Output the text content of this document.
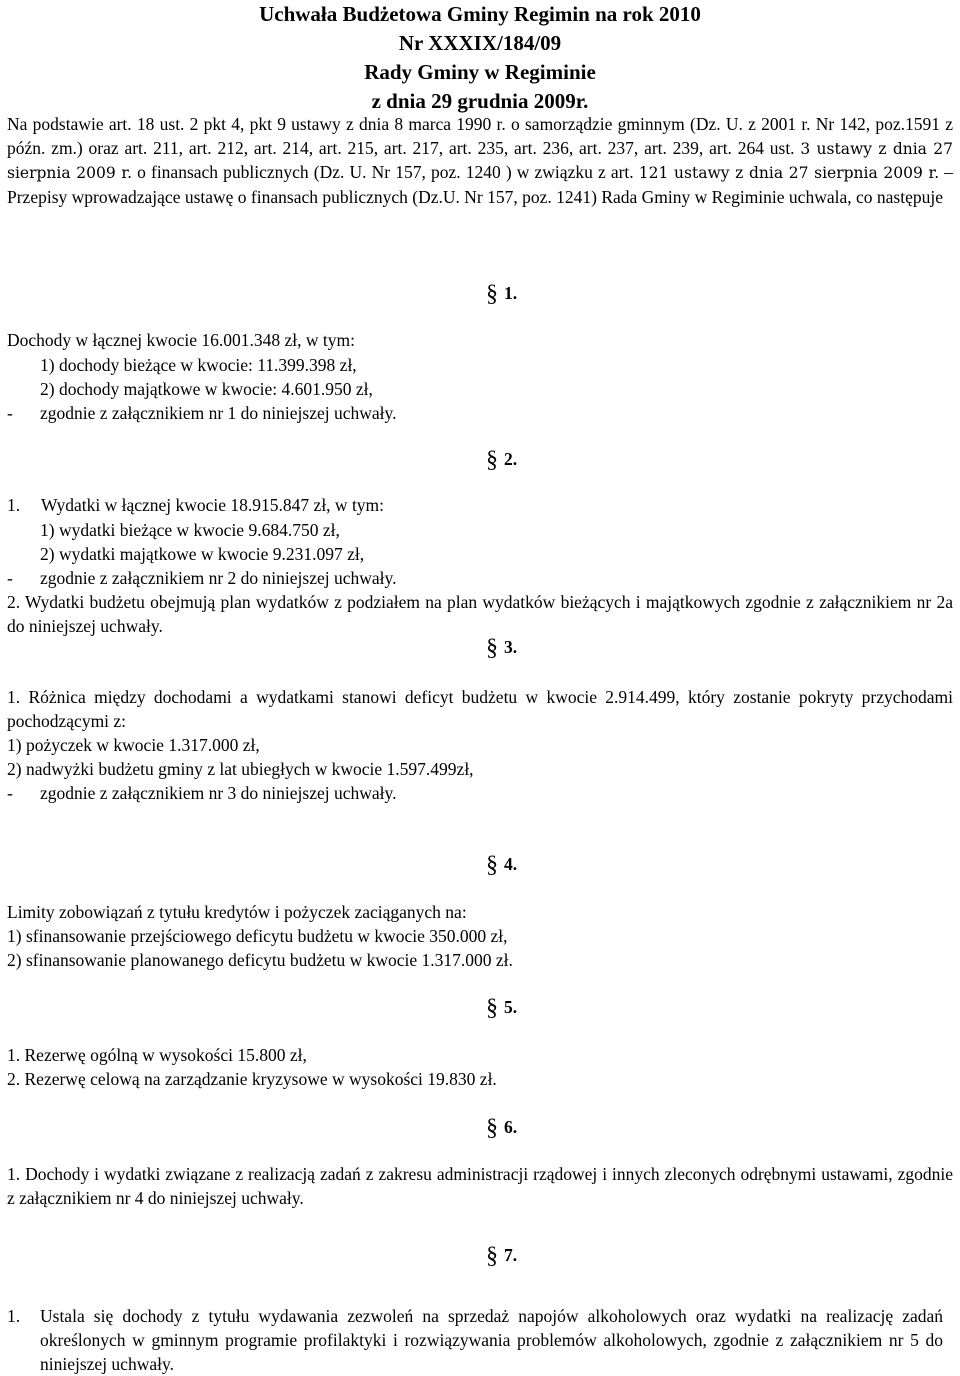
Uchwała Budżetowa Gminy Regimin na rok 2010
Nr XXXIX/184/09
Rady Gminy w Regiminie
z dnia 29 grudnia 2009r.

Na podstawie art. 18 ust. 2 pkt 4, pkt 9 ustawy z dnia 8 marca 1990 r. o samorządzie gminnym (Dz. U. z 2001 r. Nr 142, poz.1591 z późn. zm.) oraz art. 211, art. 212, art. 214, art. 215, art. 217, art. 235, art. 236, art. 237, art. 239, art. 264 ust. 3 ustawy z dnia 27 sierpnia 2009 r. o finansach publicznych (Dz. U. Nr 157, poz. 1240 ) w związku z art. 121 ustawy z dnia 27 sierpnia 2009 r. – Przepisy wprowadzające ustawę o finansach publicznych (Dz.U. Nr 157, poz. 1241) Rada Gminy w Regiminie uchwala, co następuje

§ 1.
Dochody w łącznej kwocie 16.001.348 zł, w tym:
1) dochody bieżące w kwocie: 11.399.398 zł,
2) dochody majątkowe w kwocie: 4.601.950 zł,
- zgodnie z załącznikiem nr 1 do niniejszej uchwały.
§ 2.
1. Wydatki w łącznej kwocie 18.915.847 zł, w tym:
1) wydatki bieżące w kwocie 9.684.750 zł,
2) wydatki majątkowe w kwocie 9.231.097 zł,
- zgodnie z załącznikiem nr 2 do niniejszej uchwały.

2. Wydatki budżetu obejmują plan wydatków z podziałem na plan wydatków bieżących i majątkowych zgodnie z załącznikiem nr 2a do niniejszej uchwały.

§ 3.

1. Różnica między dochodami a wydatkami stanowi deficyt budżetu w kwocie 2.914.499, który zostanie pokryty przychodami pochodzącymi z:

1) pożyczek w kwocie 1.317.000 zł,
2) nadwyżki budżetu gminy z lat ubiegłych w kwocie 1.597.499zł,
- zgodnie z załącznikiem nr 3 do niniejszej uchwały.
§ 4.
Limity zobowiązań z tytułu kredytów i pożyczek zaciąganych na:
1) sfinansowanie przejściowego deficytu budżetu w kwocie 350.000 zł,
2) sfinansowanie planowanego deficytu budżetu w kwocie 1.317.000 zł.
§ 5.
1. Rezerwę ogólną w wysokości 15.800 zł,
2. Rezerwę celową na zarządzanie kryzysowe w wysokości 19.830 zł.
§ 6.

1. Dochody i wydatki związane z realizacją zadań z zakresu administracji rządowej i innych zleconych odrębnymi ustawami, zgodnie z załącznikiem nr 4 do niniejszej uchwały.

§ 7.
1.	Ustala się dochody z tytułu wydawania zezwoleń na sprzedaż napojów alkoholowych oraz wydatki na realizację zadań określonych w gminnym programie profilaktyki i rozwiązywania problemów alkoholowych, zgodnie z załącznikiem nr 5 do niniejszej uchwały.
